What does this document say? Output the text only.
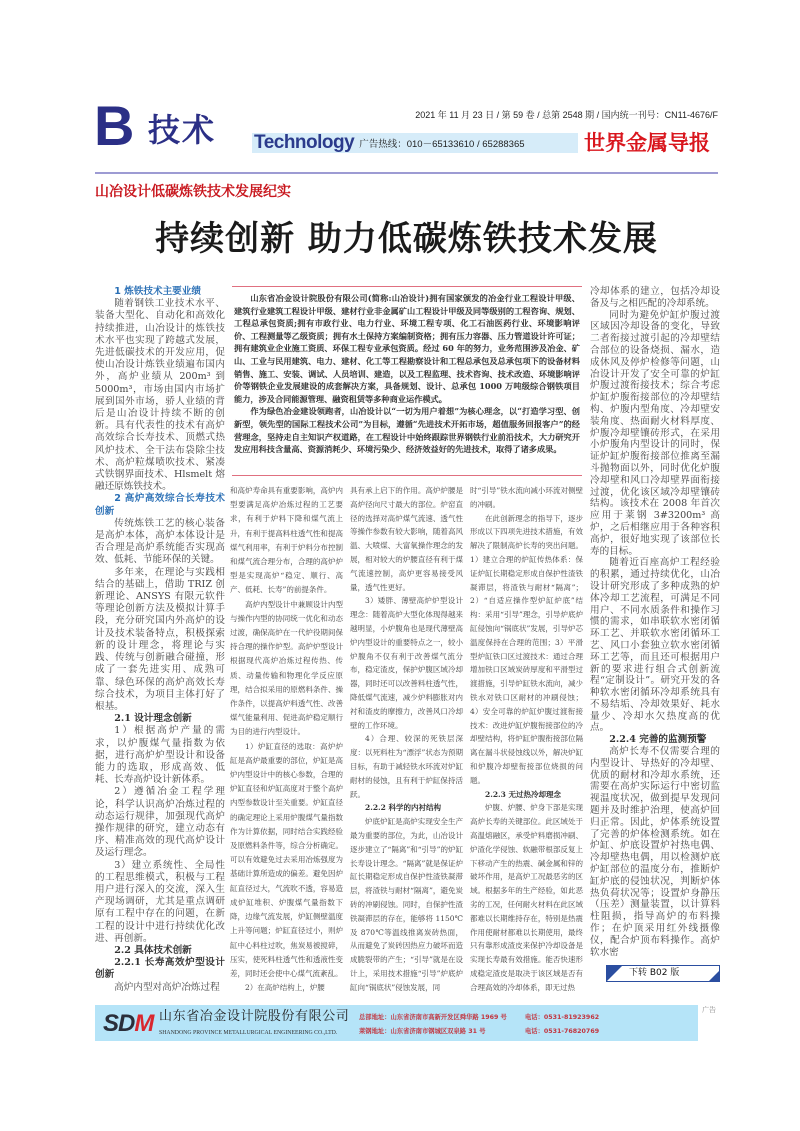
B 技术	2021 年 11 月 23 日 / 第 59 卷 / 总第 2548 期 / 国内统一刊号：CN11-4676/F
Technology 广告热线：010－65133610 / 65288365	世界金属导报
山冶设计低碳炼铁技术发展纪实
持续创新 助力低碳炼铁技术发展

山东省冶金设计院股份有限公司(简称:山冶设计)拥有国家颁发的冶金行业工程设计甲级、建筑行业建筑工程设计甲级、建材行业非金属矿山工程设计甲级及同等级别的工程咨询、规划、工程总承包资质;拥有市政行业、电力行业、环境工程专项、化工石油医药行业、环境影响评价、工程测量等乙级资质；拥有水土保持方案编制资格；拥有压力容器、压力管道设计许可证；拥有建筑业企业施工资质、环保工程专业承包资质。经过 60 年的努力，业务范围涉及冶金、矿山、工业与民用建筑、电力、建材、化工等工程勘察设计和工程总承包及总承包项下的设备材料销售、施工、安装、调试、人员培训、建造，以及工程监理、技术咨询、技术改造、环境影响评价等钢铁企业发展建设的成套解决方案，具备规划、设计、总承包 1000 万吨级综合钢铁项目能力，涉及合同能源管理、融资租赁等多种商业运作模式。

作为绿色冶金建设领跑者，山冶设计以“一切为用户着想”为核心理念，以“打造学习型、创新型，领先型的国际工程技术公司”为目标，遵循“先进技术开拓市场，超值服务回报客户”的经营理念，坚持走自主知识产权道路，在工程设计中始终跟踪世界钢铁行业前沿技术，大力研究开发应用科技含量高、资源消耗少、环境污染少、经济效益好的先进技术，取得了诸多成果。

1 炼铁技术主要业绩

随着钢铁工业技术水平、装备大型化、自动化和高效化持续推进，山冶设计的炼铁技术水平也实现了跨越式发展，先进低碳技术的开发应用，促使山冶设计炼铁业绩遍布国内外，高炉业绩从 200m³ 到 5000m³，市场由国内市场扩展到国外市场，骄人业绩的背后是山冶设计持续不断的创新。具有代表性的技术有高炉高效综合长寿技术、顶燃式热风炉技术、全干法布袋除尘技术、高炉粒煤喷吹技术、紧凑式铁钢界面技术、Hlsmelt 熔融还原炼铁技术。

2 高炉高效综合长寿技术创新

传统炼铁工艺的核心装备是高炉本体，高炉本体设计是否合理是高炉系统能否实现高效、低耗、节能环保的关键。

多年来，在理论与实践相结合的基础上，借助 TRIZ 创新理论、ANSYS 有限元软件等理论创新方法及模拟计算手段，充分研究国内外高炉的设计及技术装备特点，积极探索新的设计理念，将理论与实践、传统与创新融合碰撞，形成了一套先进实用、成熟可靠、绿色环保的高炉高效长寿综合技术，为项目主体打好了根基。

2.1 设计理念创新

1）根据高炉产量的需求，以炉腹煤气量指数为依据，进行高炉炉型设计和设备能力的选取，形成高效、低耗、长寿高炉设计新体系。

2）遵循冶金工程学理论，科学认识高炉冶炼过程的动态运行规律，加强现代高炉操作规律的研究，建立动态有序、精准高效的现代高炉设计及运行理念。

3）建立系统性、全局性的工程思维模式，积极与工程用户进行深入的交流，深入生产现场调研，尤其是重点调研原有工程中存在的问题，在新工程的设计中进行持续优化改进、再创新。

2.2 具体技术创新

2.2.1 长寿高效炉型设计创新

高炉内型对高炉冶炼过程

和高炉寿命具有重要影响，高炉内型要满足高炉冶炼过程的工艺要求，有利于炉料下降和煤气流上升，有利于提高料柱透气性和提高煤气利用率，有利于炉料分布控制和煤气流合理分布，合理的高炉炉型是实现高炉“稳定、顺行、高产、低耗、长寿”的前提条件。

高炉内型设计中兼顾设计内型与操作内型的协同统一优化和动态过渡，确保高炉在一代炉役期间保持合理的操作炉型。高炉炉型设计根据现代高炉冶炼过程传热、传质、动量传输和物理化学反应原理，结合拟采用的原燃料条件、操作条件，以提高炉料透气性、改善煤气能量利用、促进高炉稳定顺行为目的进行内型设计。

1）炉缸直径的选取：高炉炉缸是高炉最重要的部位，炉缸是高炉内型设计中的核心参数，合理的炉缸直径和炉缸高度对于整个高炉内型参数设计至关重要。炉缸直径的确定理论上采用炉腹煤气量指数作为计算依据，同时结合实践经验及原燃料条件等，综合分析确定。可以有效避免过去采用冶炼强度为基础计算所造成的偏差。避免因炉缸直径过大，气流吹不透，容易造成炉缸堆积、炉腹煤气量指数下降，边缘气流发展，炉缸侧壁温度上升等问题；炉缸直径过小，则炉缸中心料柱过吹，焦炭易被搅碎，压实，使死料柱透气性和透液性变差，同时还会使中心煤气流紊乱。

2）在高炉结构上，炉腰

具有承上启下的作用。高炉炉腰是高炉径向尺寸最大的部位。炉窑直径的选择对高炉煤气流速、透气性等操作参数有较大影响，随着高风温、大喷煤、大富氧操作理念的发展，相对较大的炉腰直径有利于煤气流速控制，高炉更容易接受风量，透气性更好。

3）矮胖、薄壁高炉炉型设计理念：随着高炉大型化体现得越来越明显，小炉腹角也是现代薄壁高炉内型设计的重要特点之一，较小炉腹角不仅有利于改善煤气流分布，稳定渣皮，保护炉腹区域冷却器，同时还可以改善料柱透气性，降低煤气流速，减少炉料膨胀对内衬和渣皮的摩擦力，改善风口冷却壁的工作环境。

4）合理、较深的死铁层深度：以死料柱为“漂浮”状态为预期目标，有助于减轻铁水环流对炉缸耐材的侵蚀，且有利于炉缸保持活跃。

2.2.2 科学的内衬结构

炉底炉缸是高炉实现安全生产最为重要的部位，为此，山冶设计逐步建立了“隔离”和“引导”的炉缸长寿设计理念。“隔离”就是保证炉缸长期稳定形成自保护性渣铁凝滞层，将渣铁与耐材“隔离”，避免炭砖的冲刷侵蚀。同时，自保护性渣铁凝滞层的存在，能够将 1150℃及 870℃等温线推离炭砖热面，从而避免了炭砖因热应力破坏而造成脆裂带的产生；“引导”就是在设计上，采用技术措施“引导”炉底炉缸向“锅底状”侵蚀发展，同

时“引导”铁水流向减小环流对侧壁的冲刷。

在此创新理念的指导下，逐步形成以下四项先进技术措施，有效解决了限制高炉长寿的突出问题。1）建立合理的炉缸传热体系：保证炉缸长期稳定形成自保护性渣铁凝滞层，将渣铁与耐材“隔离”；2）“自适应操作型炉缸炉底”结构：采用“引导”理念，引导炉底炉缸侵蚀向“锅底状”发展，引导炉芯温度保持在合理的范围；3）平滑型炉缸铁口区过渡技术：通过合理增加铁口区域炭砖厚度和平滑型过渡措施，引导炉缸铁水流向，减少铁水对铁口区耐材的冲刷侵蚀；4）安全可靠的炉缸炉腹过渡衔接技术：改进炉缸炉腹衔接部位的冷却壁结构，将炉缸炉腹衔接部位隔离在漏斗状侵蚀线以外，解决炉缸和炉腹冷却壁衔接部位烧损的问题。

2.2.3 无过热冷却理念

炉腹、炉腰、炉身下部是实现高炉长寿的关键部位。此区域处于高温熔融区，承受炉料磨损冲刷、炉渣化学侵蚀、软融带根部反复上下移动产生的热震、碱金属和锌的破坏作用，是高炉工况最恶劣的区域。根据多年的生产经验，如此恶劣的工况，任何耐火材料在此区域都难以长期维持存在，特别是热震作用使耐材都难以长期使用，最终只有靠形成渣皮来保护冷却设备是实现长寿最有效措施。能否快速形成稳定渣皮是取决于该区域是否有合理高效的冷却体系，即无过热

冷却体系的建立，包括冷却设备及与之相匹配的冷却系统。

同时为避免炉缸炉腹过渡区域因冷却设备的变化，导致二者衔接过渡引起的冷却壁结合部位的设备烧损、漏水，造成休风及停炉检修等问题，山冶设计开发了安全可靠的炉缸炉腹过渡衔接技术；综合考虑炉缸炉腹衔接部位的冷却壁结构、炉腹内型角度、冷却壁安装角度、热面耐火材料厚度、炉腹冷却壁镶砖形式，在采用小炉腹角内型设计的同时，保证炉缸炉腹衔接部位推离至漏斗抛物面以外，同时优化炉腹冷却壁和风口冷却壁界面衔接过渡，优化该区域冷却壁镶砖结构。该技术在 2008 年首次应用于莱钢 3#3200m³ 高炉，之后相继应用于各种容积高炉，很好地实现了该部位长寿的目标。

随着近百座高炉工程经验的积累，通过持续优化，山冶设计研究形成了多种成熟的炉体冷却工艺流程，可满足不同用户、不同水质条件和操作习惯的需求，如串联软水密闭循环工艺、并联软水密闭循环工艺、风口小套独立软水密闭循环工艺等，而且还可根据用户新的要求进行组合式创新流程“定制设计”。研究开发的各种软水密闭循环冷却系统具有不易结垢、冷却效果好、耗水量少、冷却水欠热度高的优点。

2.2.4 完善的监测预警

高炉长寿不仅需要合理的内型设计、导热好的冷却壁、优质的耐材和冷却水系统，还需要在高炉实际运行中密切监视温度状况，做到提早发现问题并及时维护治理，使高炉回归正常。因此，炉体系统设置了完善的炉体检测系统。如在炉缸、炉底设置炉衬热电偶、冷却壁热电偶，用以检测炉底炉缸部位的温度分布，推断炉缸炉底的侵蚀状况，判断炉体热负荷状况等；设置炉身静压（压差）测量装置，以计算料柱阻损，指导高炉的布料操作；在炉顶采用红外线摄像仪，配合炉顶布料操作。高炉软水密

下转 B02 版
SDM 山东省冶金设计院股份有限公司
SHANDONG PROVINCE METALLURGICAL ENGINEERING CO.,LTD.
总部地址：山东省济南市高新开发区舜华路 1969 号	电话：0531-81923962
莱钢地址：山东省济南市钢城区双泉路 31 号	电话：0531-76820769
广告
